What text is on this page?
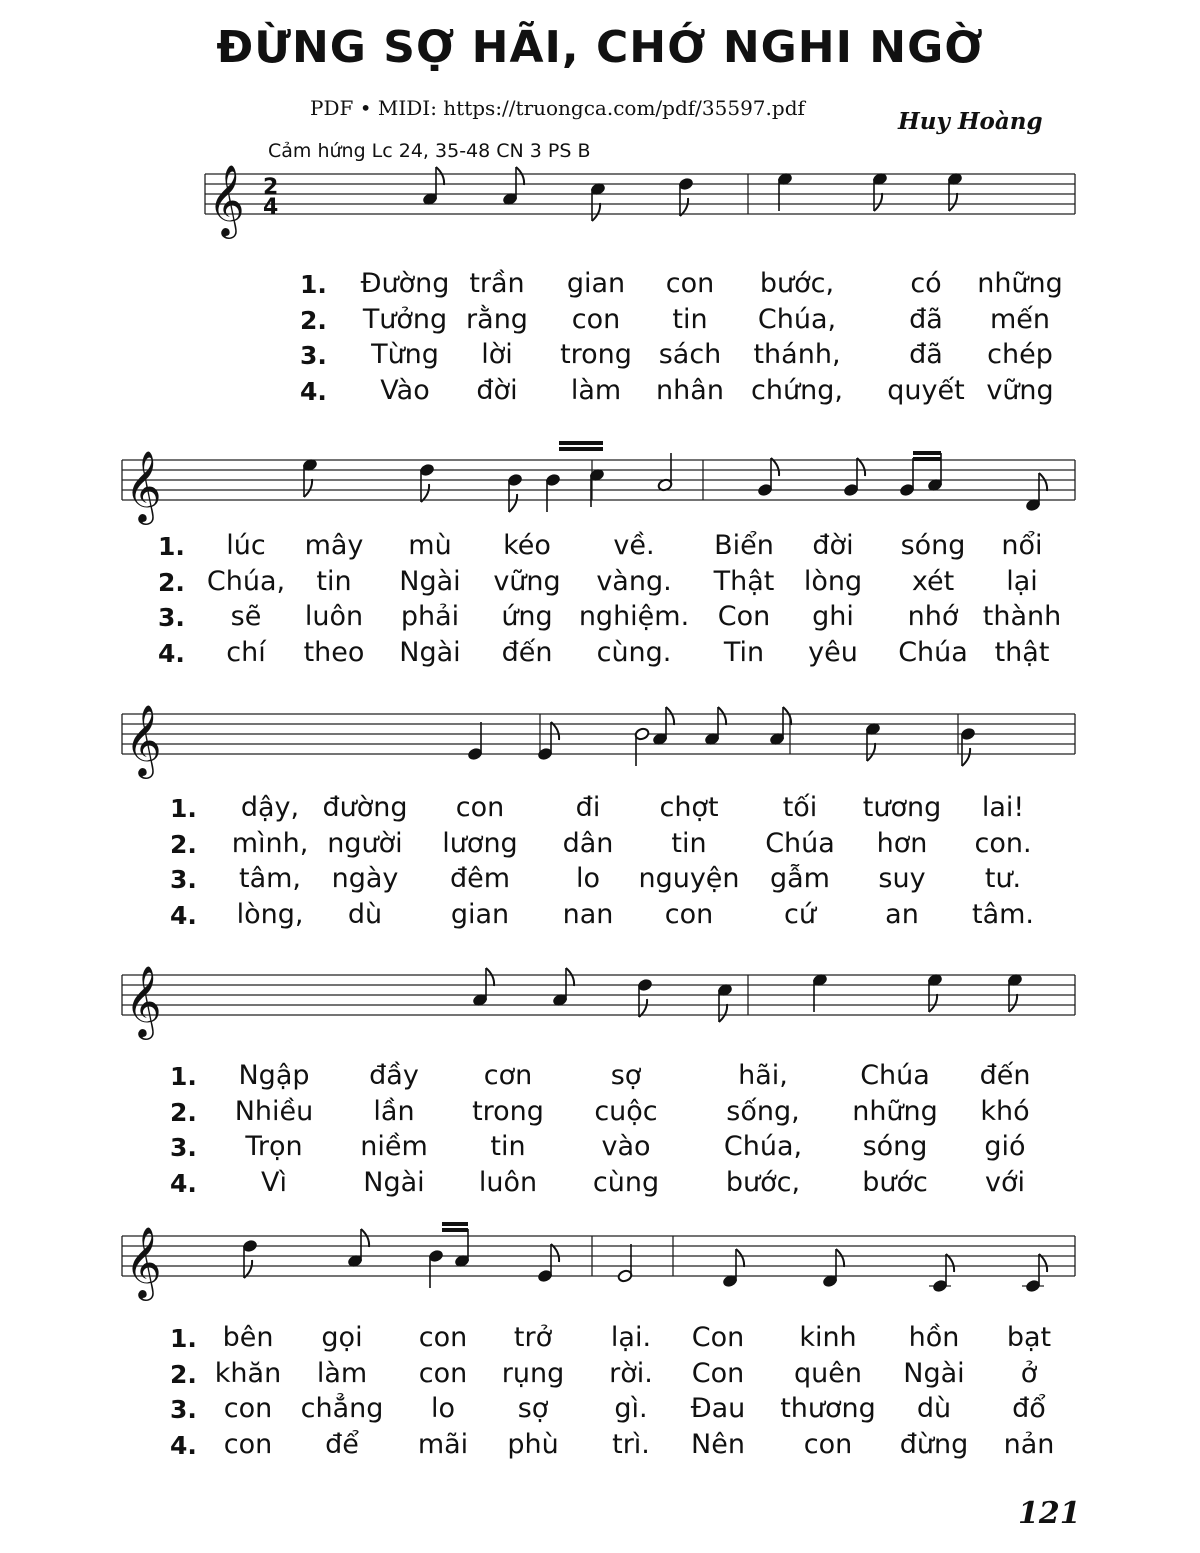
ĐỪNG SỢ HÃI, CHỚ NGHI NGỜ
PDF • MIDI: https://truongca.com/pdf/35597.pdf	Huy Hoàng
Cảm hứng Lc 24, 35-48 CN 3 PS B
𝄞 2
4
𝄞
𝄞
𝄞
𝄞
1. Đường trần gian con bước,	có những
2. Tưởng rằng con tin Chúa,	đã mến
3. Từng lời trong sách thánh,	đã chép
4. Vào đời làm nhân chứng, quyết vững
1. lúc mây mù kéo về. Biển đời sóng nổi
2. Chúa, tin Ngài vững vàng. Thật lòng xét lại
3. sẽ luôn phải ứng nghiệm. Con ghi nhớ thành
4. chí theo Ngài đến cùng. Tin yêu Chúa thật
1. dậy, đường con	đi chợt tối tương lai!
2. mình, người lương dân tin Chúa hơn con.
3. tâm, ngày đêm lo nguyện gẫm suy tư.
4. lòng, dù	gian nan con	cứ	an tâm.
1. Ngập đầy cơn	sợ	hãi,	Chúa đến
2. Nhiều lần trong cuộc	sống, những khó
3. Trọn niềm tin	vào	Chúa, sóng gió
4. Vì	Ngài luôn cùng bước, bước với
1. bên gọi con trở lại. Con kinh hồn bạt
2. khăn làm con rụng rời. Con quên Ngài ở
3. con chẳng lo sợ gì. Đau thương dù đổ
4. con để mãi phù trì. Nên con đừng nản
121
